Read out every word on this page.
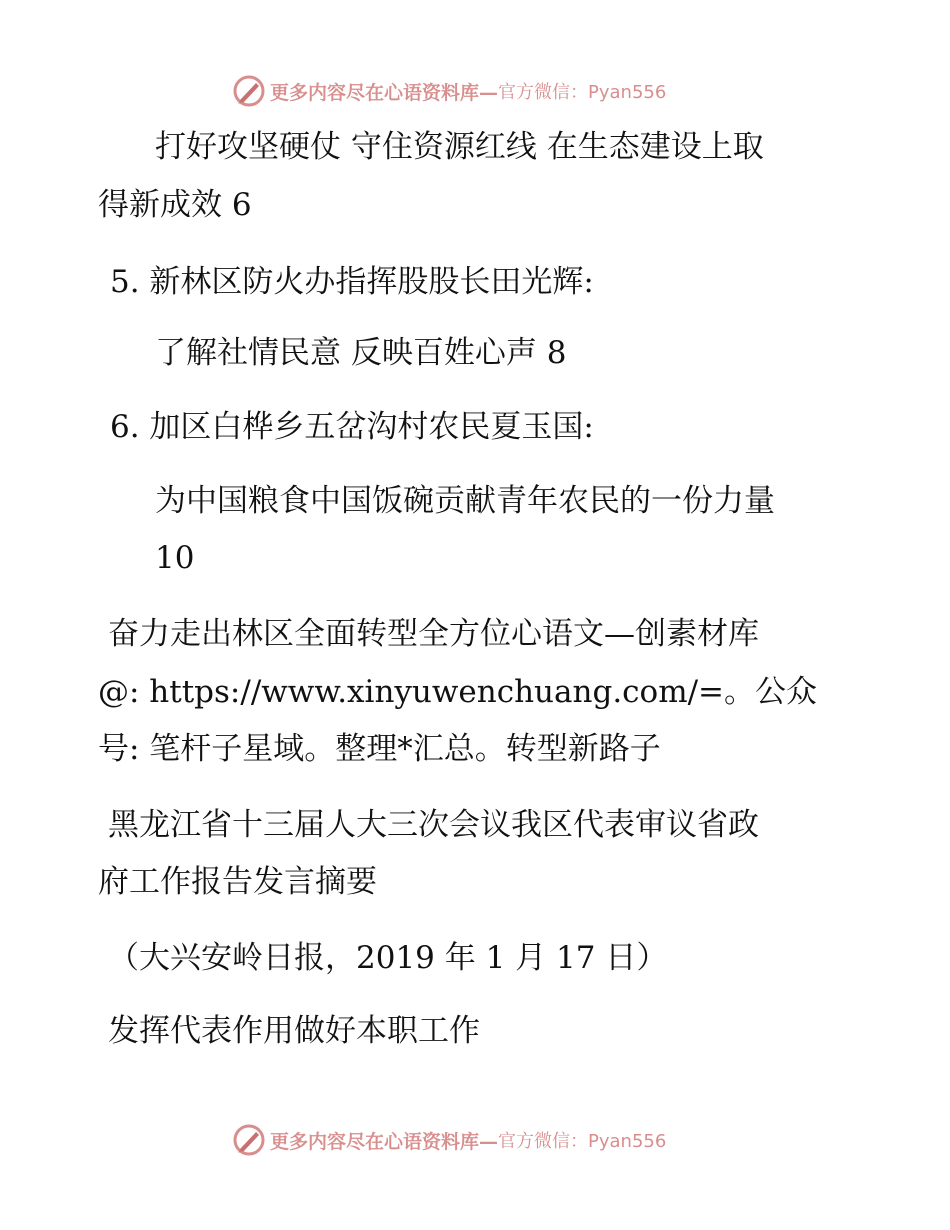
更多内容尽在心语资料库— 官方微信：Pyan556
打好攻坚硬仗 守住资源红线 在生态建设上取
得新成效 6
5. 新林区防火办指挥股股长田光辉:
了解社情民意 反映百姓心声 8
6. 加区白桦乡五岔沟村农民夏玉国:
为中国粮食中国饭碗贡献青年农民的一份力量
10
奋力走出林区全面转型全方位心语文—创素材库
@: https://www.xinyuwenchuang.com/=。公众
号: 笔杆子星域。整理*汇总。转型新路子
黑龙江省十三届人大三次会议我区代表审议省政
府工作报告发言摘要
（大兴安岭日报，2019 年 1 月 17 日）
发挥代表作用做好本职工作
更多内容尽在心语资料库— 官方微信：Pyan556
